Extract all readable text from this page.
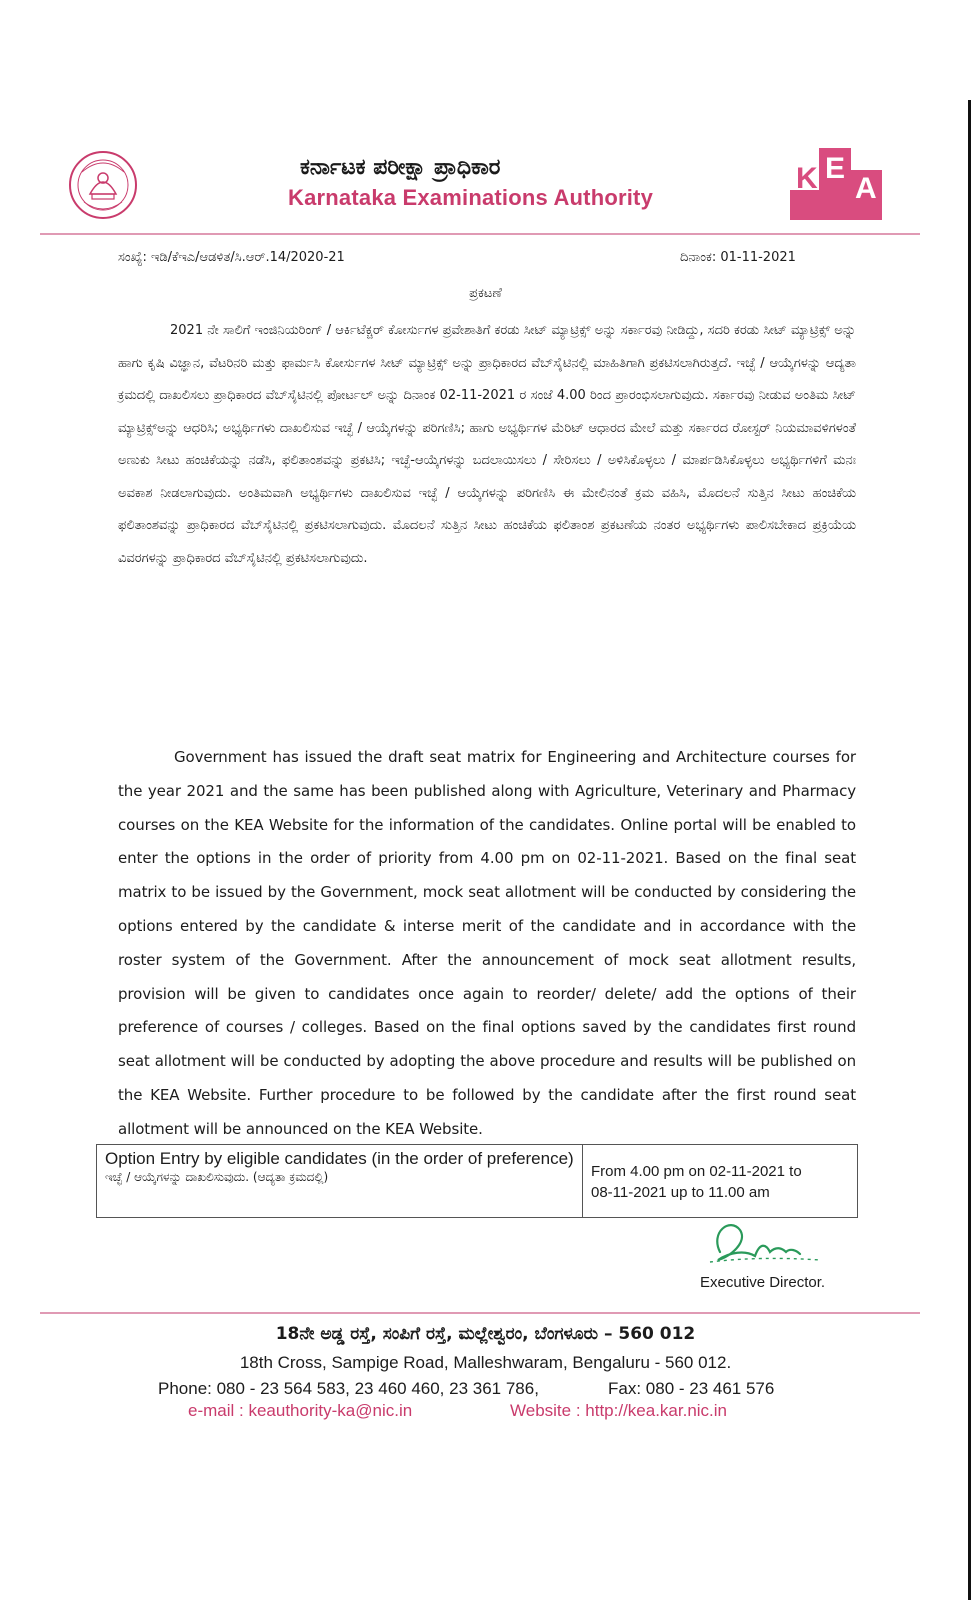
ಕರ್ನಾಟಕ ಪರೀಕ್ಷಾ ಪ್ರಾಧಿಕಾರ
Karnataka Examinations Authority
K E
A
ಸಂಖ್ಯೆ: ಇಡಿ/ಕೆಇಎ/ಆಡಳಿತ/ಸಿ.ಆರ್.14/2020-21	ದಿನಾಂಕ: 01-11-2021
ಪ್ರಕಟಣೆ
2021 ನೇ ಸಾಲಿಗೆ ಇಂಜಿನಿಯರಿಂಗ್ / ಆರ್ಕಿಟೆಕ್ಚರ್ ಕೋರ್ಸುಗಳ ಪ್ರವೇಶಾತಿಗೆ ಕರಡು ಸೀಟ್ ಮ್ಯಾಟ್ರಿಕ್ಸ್ ಅನ್ನು ಸರ್ಕಾರವು ನೀಡಿದ್ದು, ಸದರಿ ಕರಡು ಸೀಟ್ ಮ್ಯಾಟ್ರಿಕ್ಸ್ ಅನ್ನು ಹಾಗು ಕೃಷಿ ವಿಜ್ಞಾನ, ವೆಟರಿನರಿ ಮತ್ತು ಫಾರ್ಮಸಿ ಕೋರ್ಸುಗಳ ಸೀಟ್ ಮ್ಯಾಟ್ರಿಕ್ಸ್ ಅನ್ನು ಪ್ರಾಧಿಕಾರದ ವೆಬ್‌ಸೈಟಿನಲ್ಲಿ ಮಾಹಿತಿಗಾಗಿ ಪ್ರಕಟಿಸಲಾಗಿರುತ್ತದೆ. ಇಚ್ಛೆ / ಆಯ್ಕೆಗಳನ್ನು ಆದ್ಯತಾ ಕ್ರಮದಲ್ಲಿ ದಾಖಲಿಸಲು ಪ್ರಾಧಿಕಾರದ ವೆಬ್‌ಸೈಟಿನಲ್ಲಿ ಪೋರ್ಟಲ್ ಅನ್ನು ದಿನಾಂಕ 02-11-2021 ರ ಸಂಜೆ 4.00 ರಿಂದ ಪ್ರಾರಂಭಿಸಲಾಗುವುದು. ಸರ್ಕಾರವು ನೀಡುವ ಅಂತಿಮ ಸೀಟ್ ಮ್ಯಾಟ್ರಿಕ್ಸ್‌ಅನ್ನು ಆಧರಿಸಿ; ಅಭ್ಯರ್ಥಿಗಳು ದಾಖಲಿಸುವ ಇಚ್ಛೆ / ಆಯ್ಕೆಗಳನ್ನು ಪರಿಗಣಿಸಿ; ಹಾಗು ಅಭ್ಯರ್ಥಿಗಳ ಮೆರಿಟ್ ಆಧಾರದ ಮೇಲೆ ಮತ್ತು ಸರ್ಕಾರದ ರೋಸ್ಟರ್ ನಿಯಮಾವಳಿಗಳಂತೆ ಅಣುಕು ಸೀಟು ಹಂಚಿಕೆಯನ್ನು ನಡೆಸಿ, ಫಲಿತಾಂಶವನ್ನು ಪ್ರಕಟಿಸಿ; ಇಚ್ಛೆ-ಆಯ್ಕೆಗಳನ್ನು ಬದಲಾಯಿಸಲು / ಸೇರಿಸಲು / ಅಳಿಸಿಕೊಳ್ಳಲು / ಮಾರ್ಪಡಿಸಿಕೊಳ್ಳಲು ಅಭ್ಯರ್ಥಿಗಳಿಗೆ ಮನಃ ಅವಕಾಶ ನೀಡಲಾಗುವುದು. ಅಂತಿಮವಾಗಿ ಅಭ್ಯರ್ಥಿಗಳು ದಾಖಲಿಸುವ ಇಚ್ಛೆ / ಆಯ್ಕೆಗಳನ್ನು ಪರಿಗಣಿಸಿ ಈ ಮೇಲಿನಂತೆ ಕ್ರಮ ವಹಿಸಿ, ಮೊದಲನೆ ಸುತ್ತಿನ ಸೀಟು ಹಂಚಿಕೆಯ ಫಲಿತಾಂಶವನ್ನು ಪ್ರಾಧಿಕಾರದ ವೆಬ್‌ಸೈಟಿನಲ್ಲಿ ಪ್ರಕಟಿಸಲಾಗುವುದು. ಮೊದಲನೆ ಸುತ್ತಿನ ಸೀಟು ಹಂಚಿಕೆಯ ಫಲಿತಾಂಶ ಪ್ರಕಟಣೆಯ ನಂತರ ಅಭ್ಯರ್ಥಿಗಳು ಪಾಲಿಸಬೇಕಾದ ಪ್ರಕ್ರಿಯೆಯ ವಿವರಗಳನ್ನು ಪ್ರಾಧಿಕಾರದ ವೆಬ್‌ಸೈಟಿನಲ್ಲಿ ಪ್ರಕಟಿಸಲಾಗುವುದು.
Government has issued the draft seat matrix for Engineering and Architecture courses for the year 2021 and the same has been published along with Agriculture, Veterinary and Pharmacy courses on the KEA Website for the information of the candidates. Online portal will be enabled to enter the options in the order of priority from 4.00 pm on 02-11-2021. Based on the final seat matrix to be issued by the Government, mock seat allotment will be conducted by considering the options entered by the candidate & interse merit of the candidate and in accordance with the roster system of the Government. After the announcement of mock seat allotment results, provision will be given to candidates once again to reorder/ delete/ add the options of their preference of courses / colleges. Based on the final options saved by the candidates first round seat allotment will be conducted by adopting the above procedure and results will be published on the KEA Website. Further procedure to be followed by the candidate after the first round seat allotment will be announced on the KEA Website.
Option Entry by eligible candidates (in the order of preference)
ಇಚ್ಛೆ / ಆಯ್ಕೆಗಳನ್ನು ದಾಖಲಿಸುವುದು. (ಆದ್ಯತಾ ಕ್ರಮದಲ್ಲಿ)	From 4.00 pm on 02-11-2021 to
08-11-2021 up to 11.00 am
Executive Director.
18ನೇ ಅಡ್ಡ ರಸ್ತೆ, ಸಂಪಿಗೆ ರಸ್ತೆ, ಮಲ್ಲೇಶ್ವರಂ, ಬೆಂಗಳೂರು – 560 012
18th Cross, Sampige Road, Malleshwaram, Bengaluru - 560 012.
Phone: 080 - 23 564 583, 23 460 460, 23 361 786,	Fax: 080 - 23 461 576
e-mail : keauthority-ka@nic.in	Website : http://kea.kar.nic.in
